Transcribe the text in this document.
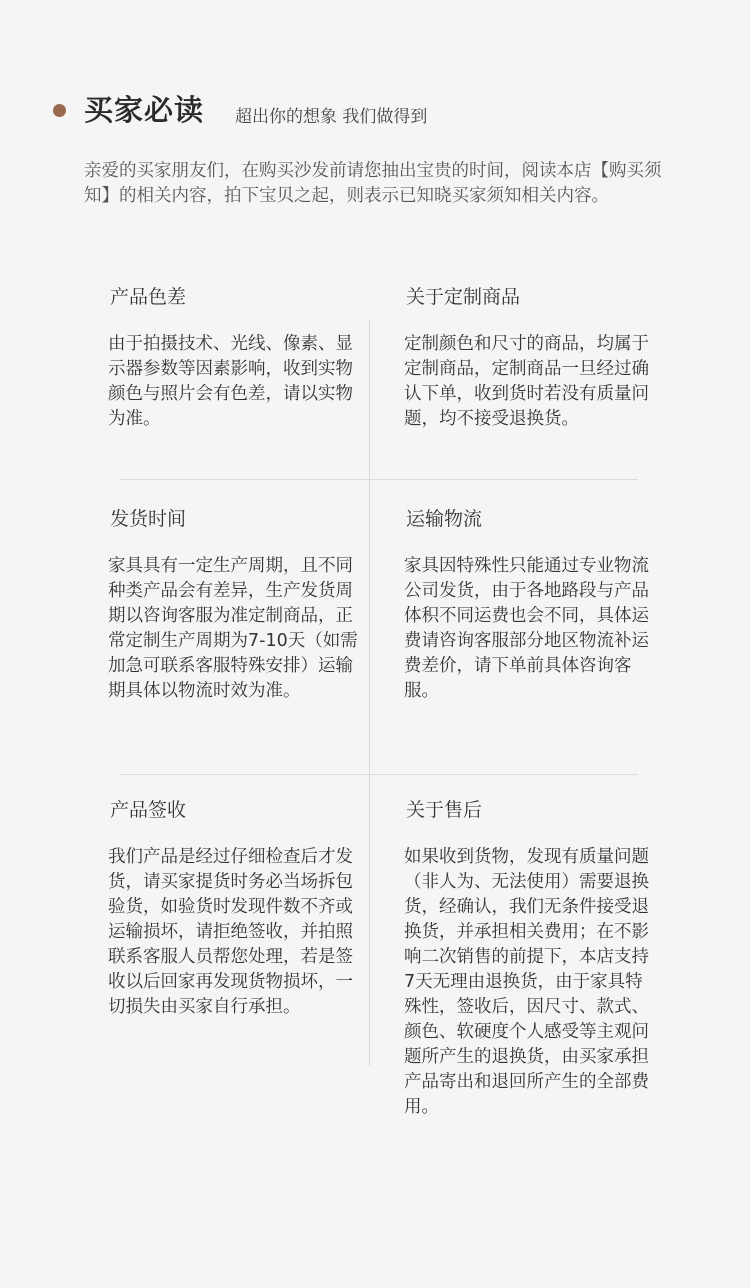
买家必读 超出你的想象 我们做得到
亲爱的买家朋友们，在购买沙发前请您抽出宝贵的时间，阅读本店【购买须知】的相关内容，拍下宝贝之起，则表示已知晓买家须知相关内容。
产品色差
由于拍摄技术、光线、像素、显示器参数等因素影响，收到实物颜色与照片会有色差，请以实物为准。
关于定制商品
定制颜色和尺寸的商品，均属于定制商品，定制商品一旦经过确认下单，收到货时若没有质量问题，均不接受退换货。
发货时间
家具具有一定生产周期，且不同种类产品会有差异，生产发货周期以咨询客服为准定制商品，正常定制生产周期为7-10天（如需加急可联系客服特殊安排）运输期具体以物流时效为准。
运输物流
家具因特殊性只能通过专业物流公司发货，由于各地路段与产品体积不同运费也会不同，具体运费请咨询客服部分地区物流补运费差价，请下单前具体咨询客服。
产品签收
我们产品是经过仔细检查后才发货，请买家提货时务必当场拆包验货，如验货时发现件数不齐或运输损坏，请拒绝签收，并拍照联系客服人员帮您处理，若是签收以后回家再发现货物损坏，一切损失由买家自行承担。
关于售后
如果收到货物，发现有质量问题（非人为、无法使用）需要退换货，经确认，我们无条件接受退换货，并承担相关费用；在不影响二次销售的前提下，本店支持7天无理由退换货，由于家具特殊性，签收后，因尺寸、款式、颜色、软硬度个人感受等主观问题所产生的退换货，由买家承担产品寄出和退回所产生的全部费用。
